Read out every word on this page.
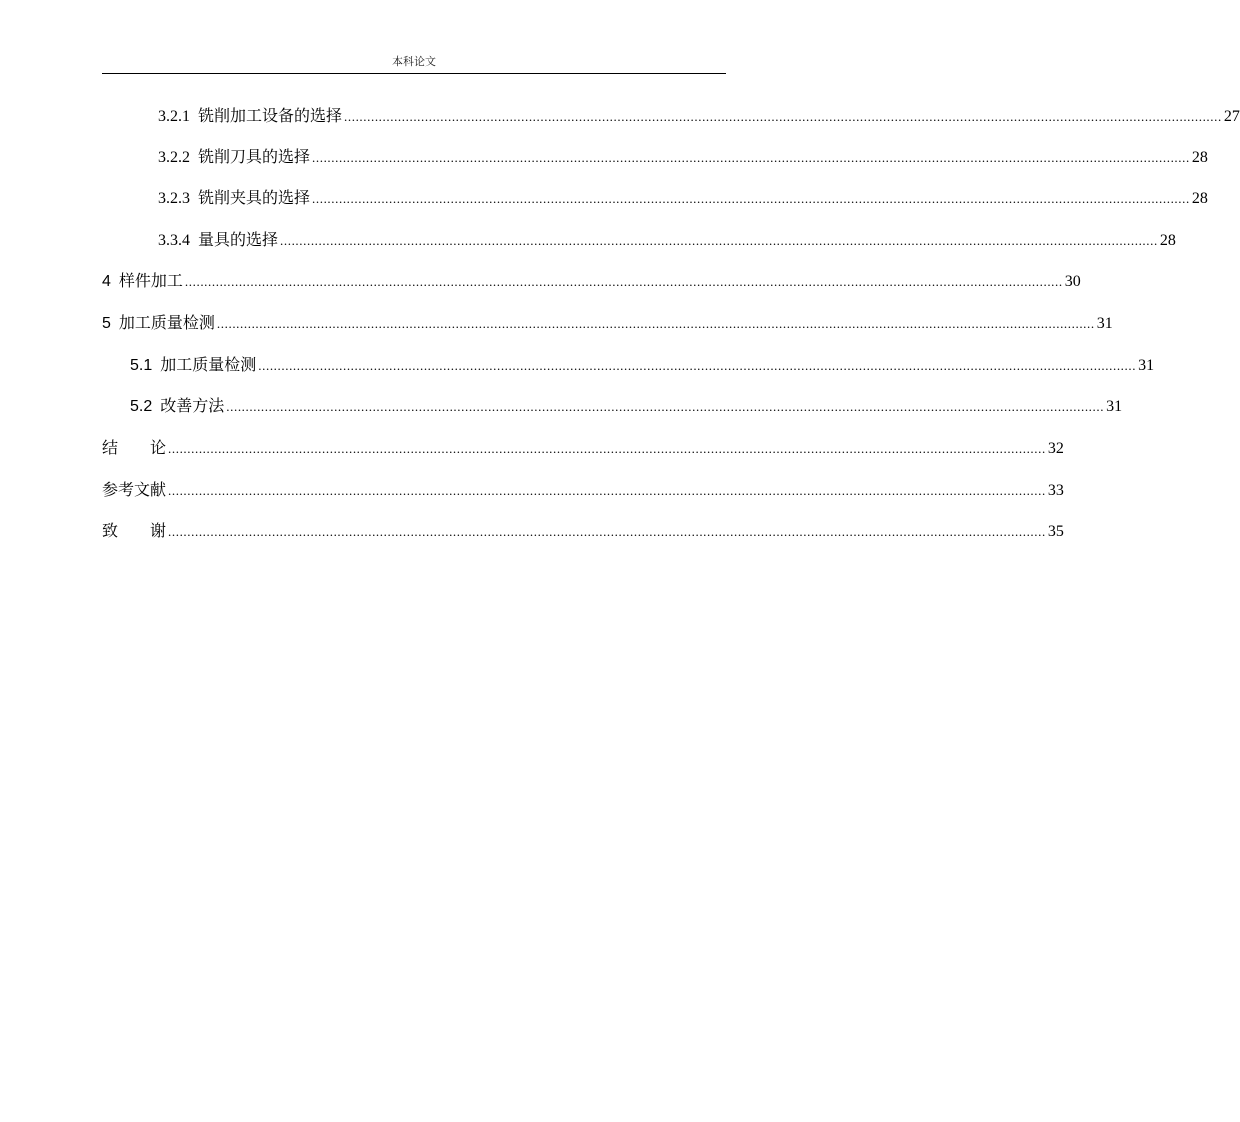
本科论文
3.2.1 铣削加工设备的选择 .................................................................................................................................................................................................................................... 27
3.2.2 铣削刀具的选择 .................................................................................................................................................................................................................................... 28
3.2.3 铣削夹具的选择 .................................................................................................................................................................................................................................... 28
3.3.4 量具的选择 .................................................................................................................................................................................................................................... 28
4 样件加工 .................................................................................................................................................................................................................................... 30
5 加工质量检测 .................................................................................................................................................................................................................................... 31
5.1 加工质量检测 .................................................................................................................................................................................................................................... 31
5.2 改善方法 .................................................................................................................................................................................................................................... 31
结　　论 .................................................................................................................................................................................................................................... 32
参考文献 .................................................................................................................................................................................................................................... 33
致　　谢 .................................................................................................................................................................................................................................... 35
